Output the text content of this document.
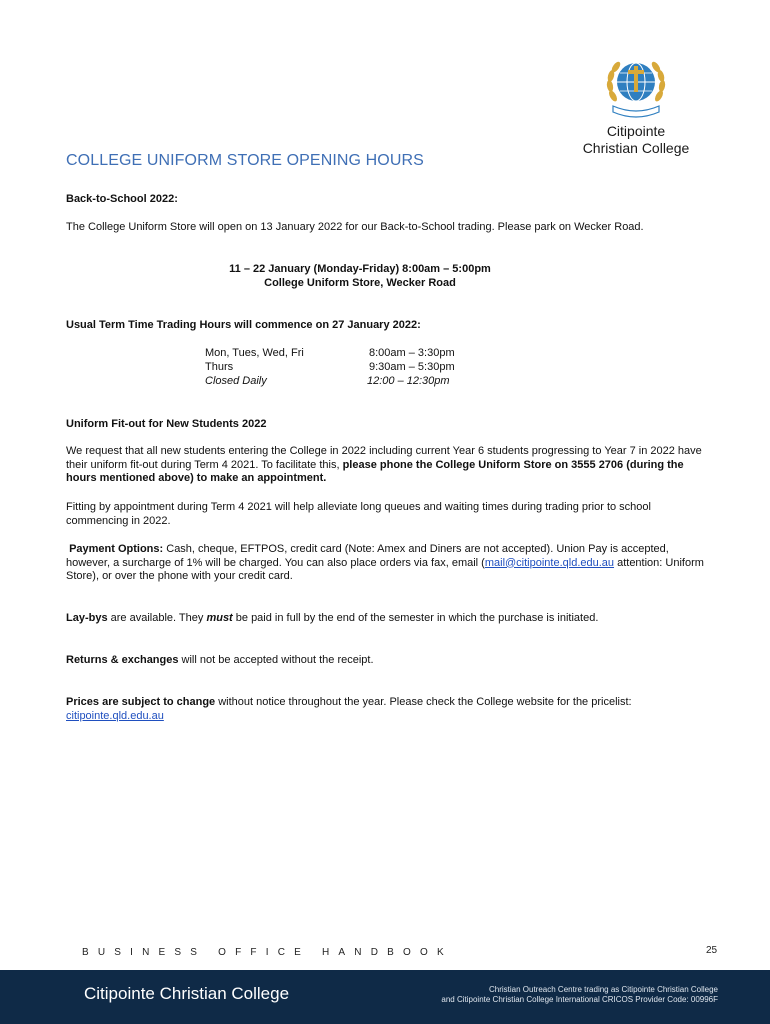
Citipointe
Christian College
COLLEGE UNIFORM STORE OPENING HOURS

Back-to-School 2022:

The College Uniform Store will open on 13 January 2022 for our Back-to-School trading. Please park on Wecker Road.

11 – 22 January (Monday-Friday) 8:00am – 5:00pm

College Uniform Store, Wecker Road

Usual Term Time Trading Hours will commence on 27 January 2022:

Mon, Tues, Wed, Fri	8:00am – 3:30pm
Thurs	9:30am – 5:30pm
Closed Daily	12:00 – 12:30pm

Uniform Fit-out for New Students 2022

We request that all new students entering the College in 2022 including current Year 6 students progressing to Year 7 in 2022 have their uniform fit-out during Term 4 2021. To facilitate this, please phone the College Uniform Store on 3555 2706 (during the hours mentioned above) to make an appointment.

Fitting by appointment during Term 4 2021 will help alleviate long queues and waiting times during trading prior to school commencing in 2022.

Payment Options: Cash, cheque, EFTPOS, credit card (Note: Amex and Diners are not accepted). Union Pay is accepted, however, a surcharge of 1% will be charged. You can also place orders via fax, email (mail@citipointe.qld.edu.au attention: Uniform Store), or over the phone with your credit card.

Lay-bys are available. They must be paid in full by the end of the semester in which the purchase is initiated.

Returns & exchanges will not be accepted without the receipt.

Prices are subject to change without notice throughout the year. Please check the College website for the pricelist: citipointe.qld.edu.au

BUSINESS OFFICE HANDBOOK	25
Citipointe Christian College	Christian Outreach Centre trading as Citipointe Christian College
and Citipointe Christian College International CRICOS Provider Code: 00996F
